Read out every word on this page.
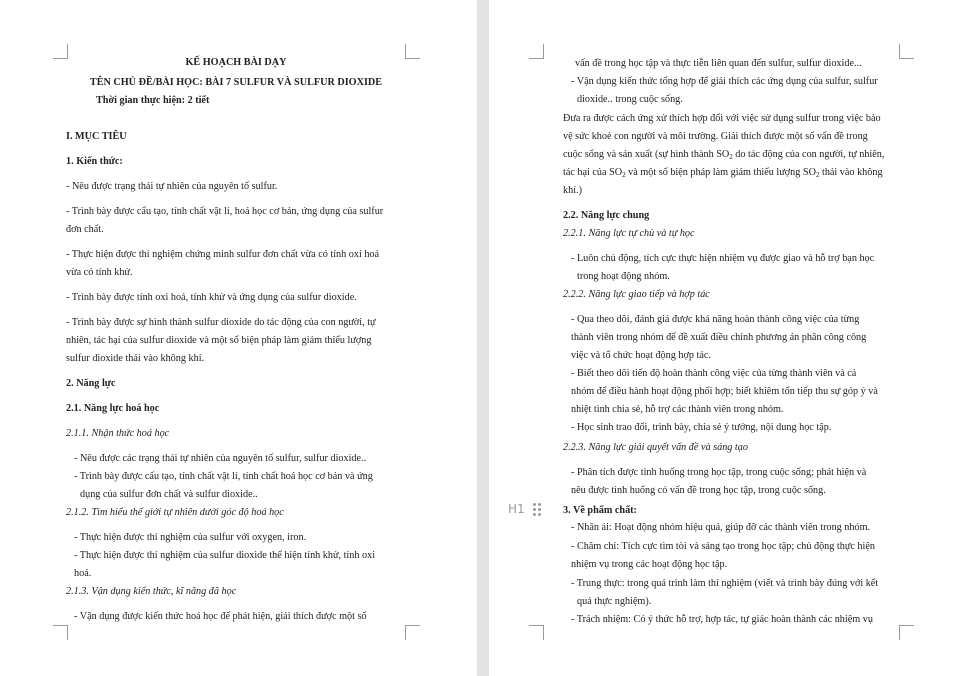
KẾ HOẠCH BÀI DẠY
TÊN CHỦ ĐỀ/BÀI HỌC: BÀI 7 SULFUR VÀ SULFUR DIOXIDE
Thời gian thực hiện: 2 tiết
I. MỤC TIÊU
1. Kiến thức:
- Nêu được trạng thái tự nhiên của nguyên tố sulfur.
- Trình bày được cấu tạo, tính chất vật lí, hoá học cơ bản, ứng dụng của sulfur
đơn chất.
- Thực hiện được thí nghiệm chứng minh sulfur đơn chất vừa có tính oxi hoá
vừa có tính khử.
- Trình bày được tính oxi hoá, tính khử và ứng dụng của sulfur dioxide.
- Trình bày được sự hình thành sulfur dioxide do tác động của con người, tự
nhiên, tác hại của sulfur dioxide và một số biện pháp làm giảm thiểu lượng
sulfur dioxide thải vào không khí.
2. Năng lực
2.1. Năng lực hoá học
2.1.1. Nhận thức hoá học
- Nêu được các trạng thái tự nhiên của nguyên tố sulfur, sulfur dioxide..
- Trình bày được cấu tạo, tính chất vật lí, tính chất hoá học cơ bản và ứng
dụng của sulfur đơn chất và sulfur dioxide..
2.1.2. Tìm hiểu thế giới tự nhiên dưới góc độ hoá học
- Thực hiện được thí nghiệm của sulfur với oxygen, iron.
- Thực hiện được thí nghiệm của sulfur dioxide thể hiện tính khử, tính oxi
hoá.
2.1.3. Vận dụng kiến thức, kĩ năng đã học
- Vận dụng được kiến thức hoá học để phát hiện, giải thích được một số
vấn đề trong học tập và thực tiễn liên quan đến sulfur, sulfur dioxide...
- Vận dụng kiến thức tổng hợp để giải thích các ứng dụng của sulfur, sulfur
dioxide.. trong cuộc sống.
Đưa ra được cách ứng xử thích hợp đối với việc sử dụng sulfur trong việc bảo
vệ sức khoẻ con người và môi trường. Giải thích được một số vấn đề trong
cuộc sống và sản xuất (sự hình thành $SO_2$ do tác động của con người, tự nhiên,
tác hại của $SO_2$ và một số biện pháp làm giảm thiểu lượng $SO_2$ thải vào không
khí.)
2.2. Năng lực chung
2.2.1. Năng lực tự chủ và tự học
- Luôn chủ động, tích cực thực hiện nhiệm vụ được giao và hỗ trợ bạn học
trong hoạt động nhóm.
2.2.2. Năng lực giao tiếp và hợp tác
- Qua theo dõi, đánh giá được khả năng hoàn thành công việc của từng
thành viên trong nhóm để đề xuất điều chỉnh phương án phân công công
việc và tổ chức hoạt động hợp tác.
- Biết theo dõi tiến độ hoàn thành công việc của từng thành viên và cả
nhóm để điều hành hoạt động phối hợp; biết khiêm tốn tiếp thu sự góp ý và
nhiệt tình chia sẻ, hỗ trợ các thành viên trong nhóm.
- Học sinh trao đổi, trình bày, chia sẻ ý tưởng, nội dung học tập.
2.2.3. Năng lực giải quyết vấn đề và sáng tạo
- Phân tích được tình huống trong học tập, trong cuộc sống; phát hiện và
nêu được tình huống có vấn đề trong học tập, trong cuộc sống.
H1	3. Về phẩm chất:
- Nhân ái: Hoạt động nhóm hiệu quả, giúp đỡ các thành viên trong nhóm.
- Chăm chỉ: Tích cực tìm tòi và sáng tạo trong học tập; chủ động thực hiện
nhiệm vụ trong các hoạt động học tập.
- Trung thực: trong quá trình làm thí nghiệm (viết và trình bày đúng với kết
quả thực nghiệm).
- Trách nhiệm: Có ý thức hỗ trợ, hợp tác, tự giác hoàn thành các nhiệm vụ
